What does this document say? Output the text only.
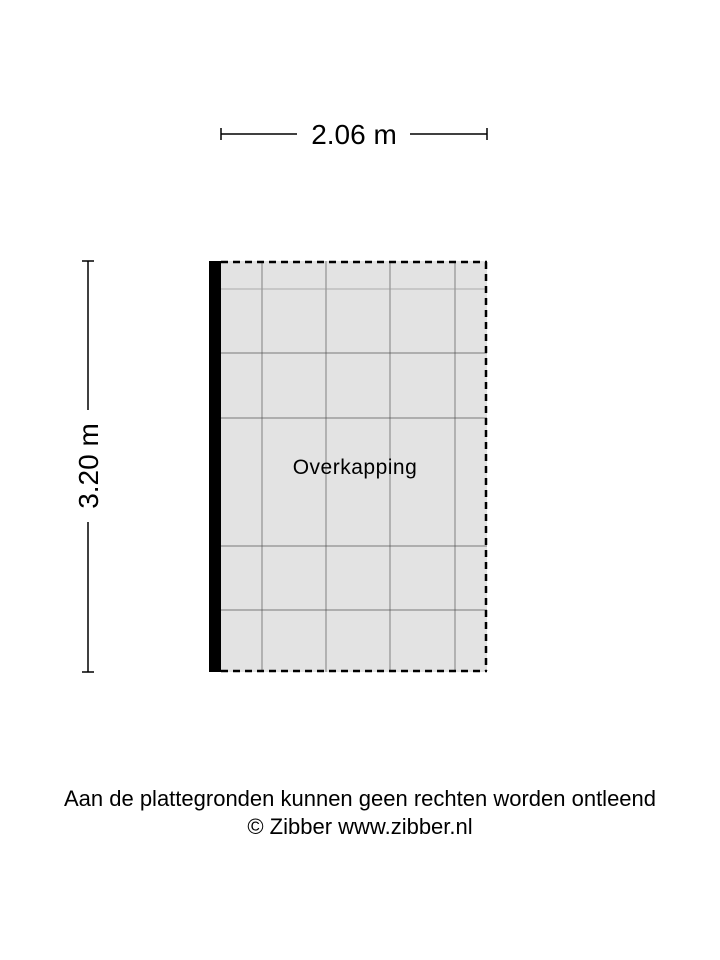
2.06 m
3.20 m	Overkapping
Aan de plattegronden kunnen geen rechten worden ontleend
© Zibber www.zibber.nl
